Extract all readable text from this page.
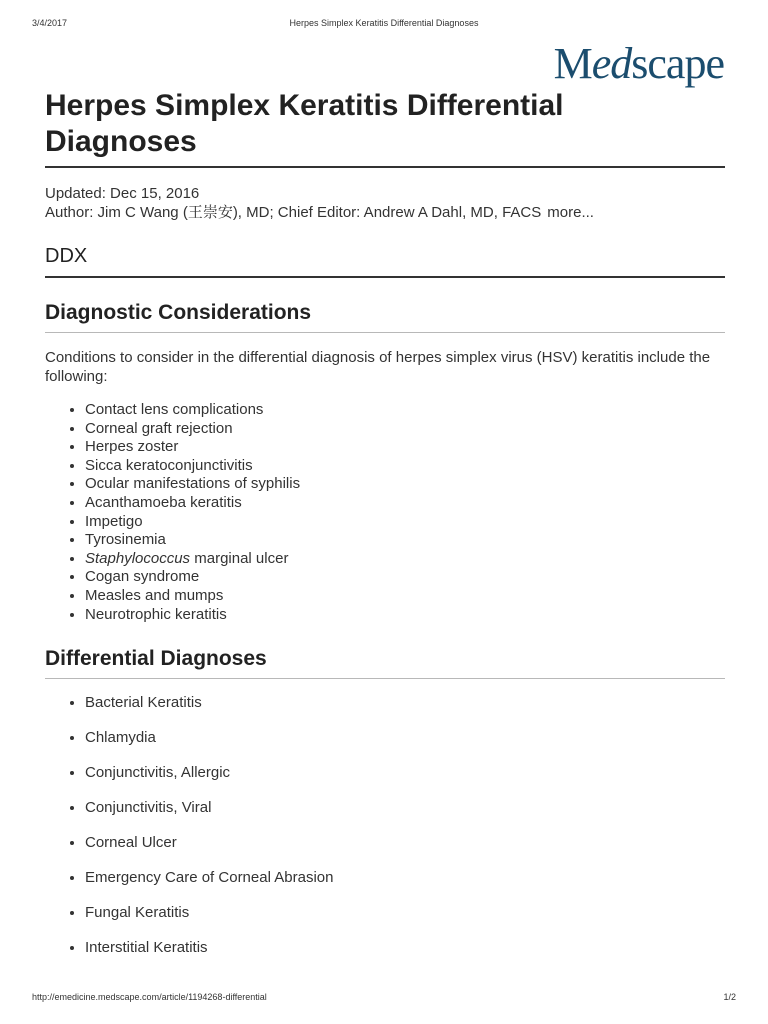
3/4/2017	Herpes Simplex Keratitis Differential Diagnoses
Medscape
Herpes Simplex Keratitis Differential Diagnoses
Updated: Dec 15, 2016
Author: Jim C Wang (王崇安), MD; Chief Editor: Andrew A Dahl, MD, FACS more...
DDX
Diagnostic Considerations

Conditions to consider in the differential diagnosis of herpes simplex virus (HSV) keratitis include the following:

• Contact lens complications
• Corneal graft rejection
• Herpes zoster
• Sicca keratoconjunctivitis
• Ocular manifestations of syphilis
• Acanthamoeba keratitis
• Impetigo
• Tyrosinemia
• Staphylococcus marginal ulcer
• Cogan syndrome
• Measles and mumps
• Neurotrophic keratitis
Differential Diagnoses
• Bacterial Keratitis
• Chlamydia
• Conjunctivitis, Allergic
• Conjunctivitis, Viral
• Corneal Ulcer
• Emergency Care of Corneal Abrasion
• Fungal Keratitis
• Interstitial Keratitis
http://emedicine.medscape.com/article/1194268-differential	1/2
